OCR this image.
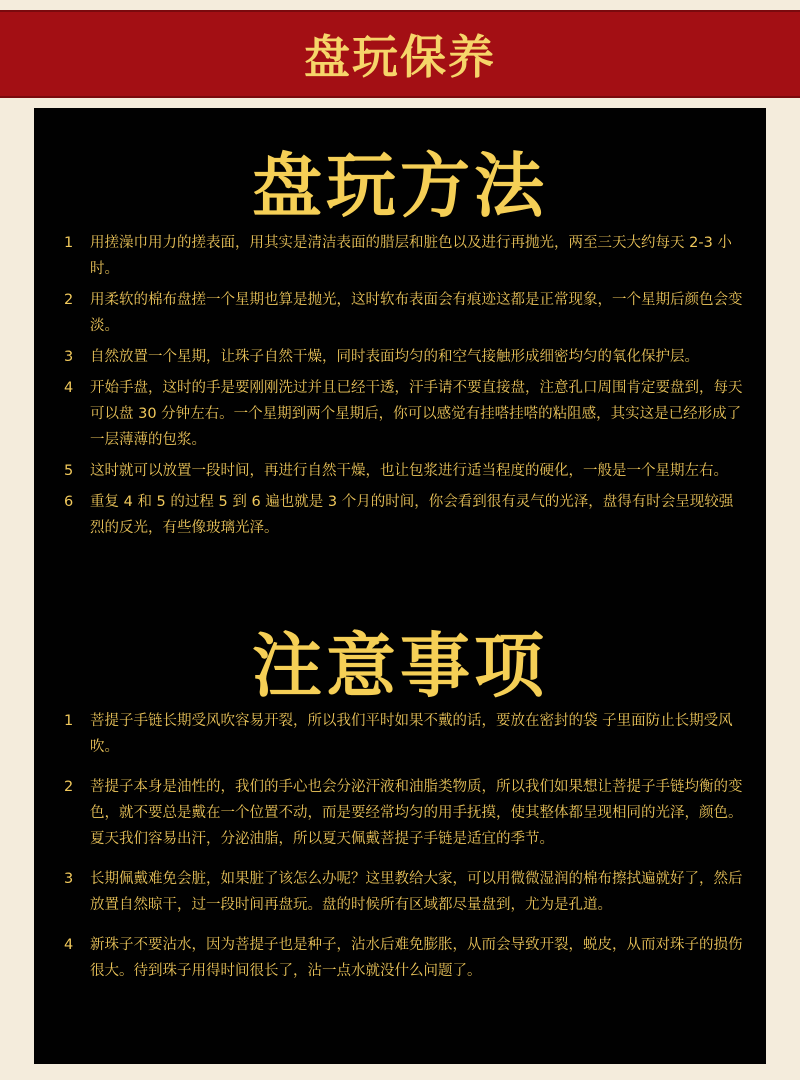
盘玩保养
盘玩方法
1	用搓澡巾用力的搓表面，用其实是清洁表面的腊层和脏色以及进行再抛光，两至三天大约每天 2-3 小时。
2	用柔软的棉布盘搓一个星期也算是抛光，这时软布表面会有痕迹这都是正常现象，一个星期后颜色会变淡。
3	自然放置一个星期，让珠子自然干燥，同时表面均匀的和空气接触形成细密均匀的氧化保护层。
4	开始手盘，这时的手是要刚刚洗过并且已经干透，汗手请不要直接盘，注意孔口周围肯定要盘到，每天可以盘 30 分钟左右。一个星期到两个星期后，你可以感觉有挂嗒挂嗒的粘阻感，其实这是已经形成了一层薄薄的包浆。
5	这时就可以放置一段时间，再进行自然干燥，也让包浆进行适当程度的硬化，一般是一个星期左右。
6	重复 4 和 5 的过程 5 到 6 遍也就是 3 个月的时间，你会看到很有灵气的光泽，盘得有时会呈现较强烈的反光，有些像玻璃光泽。
注意事项
1	菩提子手链长期受风吹容易开裂，所以我们平时如果不戴的话，要放在密封的袋 子里面防止长期受风吹。
2	菩提子本身是油性的，我们的手心也会分泌汗液和油脂类物质，所以我们如果想让菩提子手链均衡的变色，就不要总是戴在一个位置不动，而是要经常均匀的用手抚摸，使其整体都呈现相同的光泽，颜色。夏天我们容易出汗，分泌油脂，所以夏天佩戴菩提子手链是适宜的季节。
3	长期佩戴难免会脏，如果脏了该怎么办呢？这里教给大家，可以用微微湿润的棉布擦拭遍就好了，然后放置自然晾干，过一段时间再盘玩。盘的时候所有区域都尽量盘到，尤为是孔道。
4	新珠子不要沾水，因为菩提子也是种子，沾水后难免膨胀，从而会导致开裂，蜕皮，从而对珠子的损伤很大。待到珠子用得时间很长了，沾一点水就没什么问题了。
